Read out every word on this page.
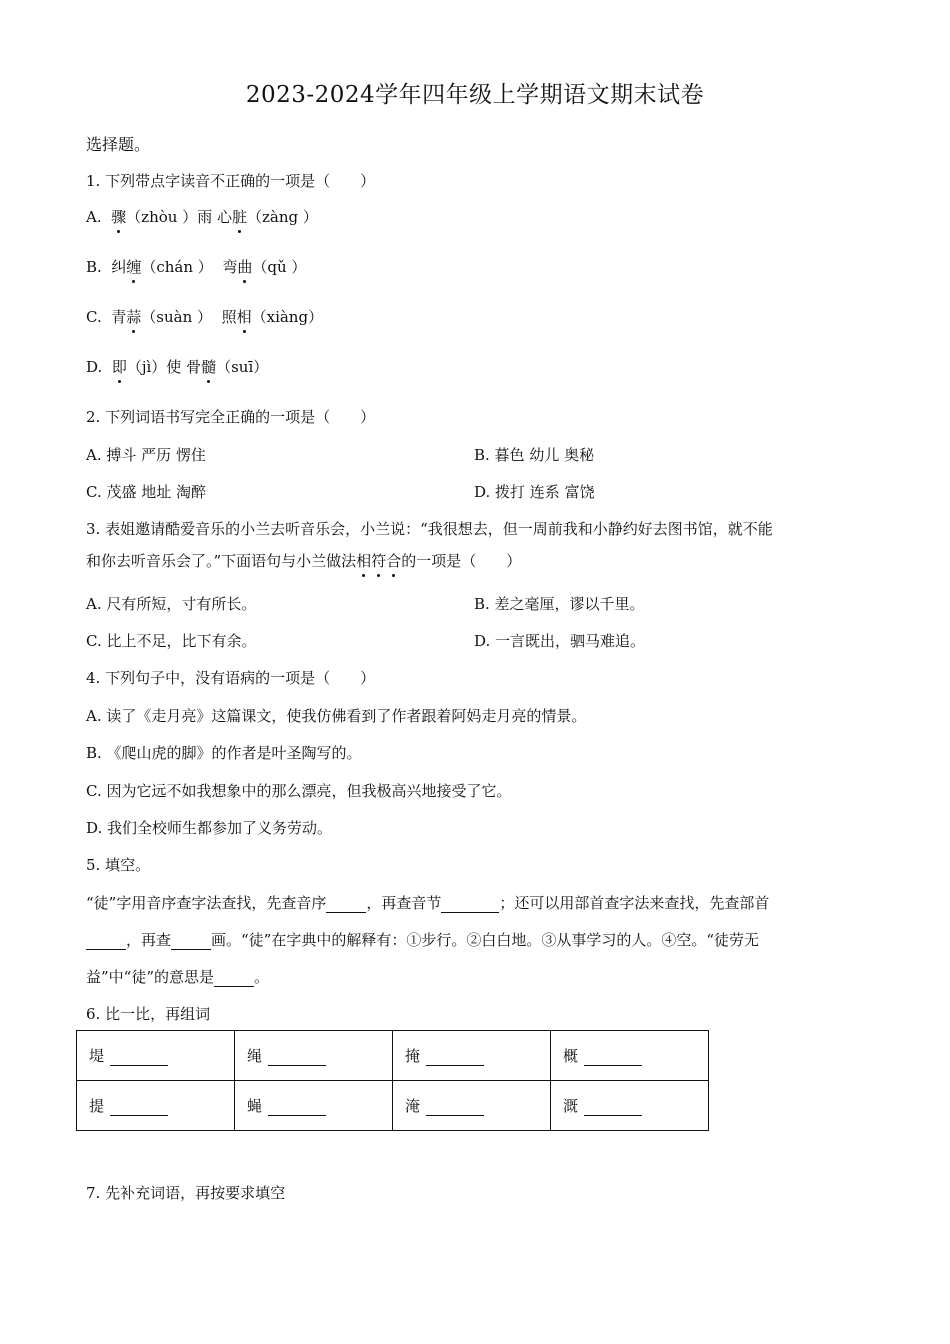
2023-2024学年四年级上学期语文期末试卷
选择题。
1. 下列带点字读音不正确的一项是（　　）
A. 骤（zhòu ）雨 心脏（zàng ）
B. 纠缠（chán ） 弯曲（qǔ ）
C. 青蒜（suàn ） 照相（xiàng）
D. 即（jì）使 骨髓（suī）
2. 下列词语书写完全正确的一项是（　　）
A. 搏斗 严历 愣住	B. 暮色 幼儿 奥秘
C. 茂盛 地址 淘醉	D. 拨打 连系 富饶
3. 表姐邀请酷爱音乐的小兰去听音乐会，小兰说：“我很想去，但一周前我和小静约好去图书馆，就不能
和你去听音乐会了。”下面语句与小兰做法相符合的一项是（　　）
A. 尺有所短，寸有所长。	B. 差之毫厘，谬以千里。
C. 比上不足，比下有余。	D. 一言既出，驷马难追。
4. 下列句子中，没有语病的一项是（　　）
A. 读了《走月亮》这篇课文，使我仿佛看到了作者跟着阿妈走月亮的情景。
B. 《爬山虎的脚》的作者是叶圣陶写的。
C. 因为它远不如我想象中的那么漂亮，但我极高兴地接受了它。
D. 我们全校师生都参加了义务劳动。
5. 填空。
“徒”字用音序查字法查找，先查音序	，再查音节	；还可以用部首查字法来查找，先查部首
，再查	画。“徒”在字典中的解释有：①步行。②白白地。③从事学习的人。④空。“徒劳无
益”中“徒”的意思是	。
6. 比一比，再组词
堤	绳	掩	概
提	蝇	淹	溉
7. 先补充词语，再按要求填空
